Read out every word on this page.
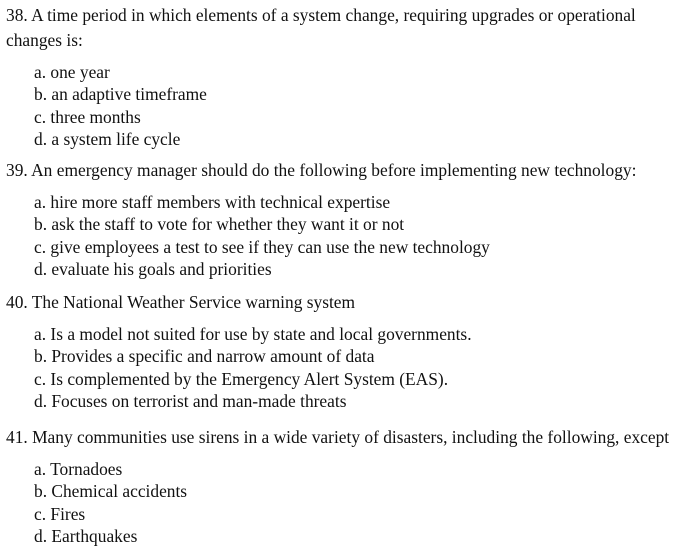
38. A time period in which elements of a system change, requiring upgrades or operational changes is:

a. one year
b. an adaptive timeframe
c. three months
d. a system life cycle

39. An emergency manager should do the following before implementing new technology:

a. hire more staff members with technical expertise
b. ask the staff to vote for whether they want it or not
c. give employees a test to see if they can use the new technology
d. evaluate his goals and priorities

40. The National Weather Service warning system

a. Is a model not suited for use by state and local governments.
b. Provides a specific and narrow amount of data
c. Is complemented by the Emergency Alert System (EAS).
d. Focuses on terrorist and man-made threats

41. Many communities use sirens in a wide variety of disasters, including the following, except

a. Tornadoes
b. Chemical accidents
c. Fires
d. Earthquakes
